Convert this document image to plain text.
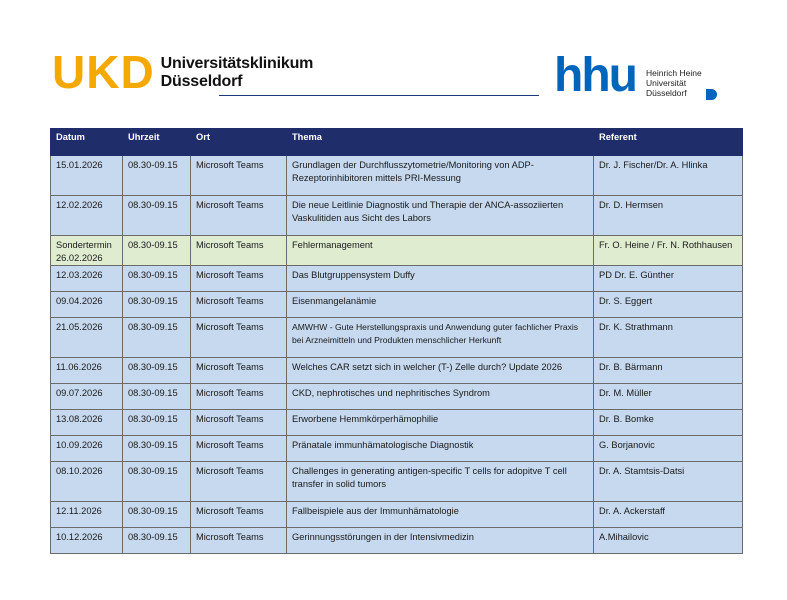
UKD Universitätsklinikum
Düsseldorf	hhu Heinrich Heine
Universität
Düsseldorf
Datum	Uhrzeit	Ort	Thema	Referent
15.01.2026	08.30-09.15	Microsoft Teams	Grundlagen der Durchflusszytometrie/Monitoring von ADP-Rezeptorinhibitoren mittels PRI-Messung	Dr. J. Fischer/Dr. A. Hlinka
12.02.2026	08.30-09.15	Microsoft Teams	Die neue Leitlinie Diagnostik und Therapie der ANCA-assoziierten Vaskulitiden aus Sicht des Labors	Dr. D. Hermsen
Sondertermin 26.02.2026	08.30-09.15	Microsoft Teams	Fehlermanagement	Fr. O. Heine / Fr. N. Rothhausen
12.03.2026	08.30-09.15	Microsoft Teams	Das Blutgruppensystem Duffy	PD Dr. E. Günther
09.04.2026	08.30-09.15	Microsoft Teams	Eisenmangelanämie	Dr. S. Eggert
21.05.2026	08.30-09.15	Microsoft Teams	AMWHW - Gute Herstellungspraxis und Anwendung guter fachlicher Praxis bei Arzneimitteln und Produkten menschlicher Herkunft	Dr. K. Strathmann
11.06.2026	08.30-09.15	Microsoft Teams	Welches CAR setzt sich in welcher (T-) Zelle durch? Update 2026	Dr. B. Bärmann
09.07.2026	08.30-09.15	Microsoft Teams	CKD, nephrotisches und nephritisches Syndrom	Dr. M. Müller
13.08.2026	08.30-09.15	Microsoft Teams	Erworbene Hemmkörperhämophilie	Dr. B. Bomke
10.09.2026	08.30-09.15	Microsoft Teams	Pränatale immunhämatologische Diagnostik	G. Borjanovic
08.10.2026	08.30-09.15	Microsoft Teams	Challenges in generating antigen-specific T cells for adopitve T cell transfer in solid tumors	Dr. A. Stamtsis-Datsi
12.11.2026	08.30-09.15	Microsoft Teams	Fallbeispiele aus der Immunhämatologie	Dr. A. Ackerstaff
10.12.2026	08.30-09.15	Microsoft Teams	Gerinnungsstörungen in der Intensivmedizin	A.Mihailovic
